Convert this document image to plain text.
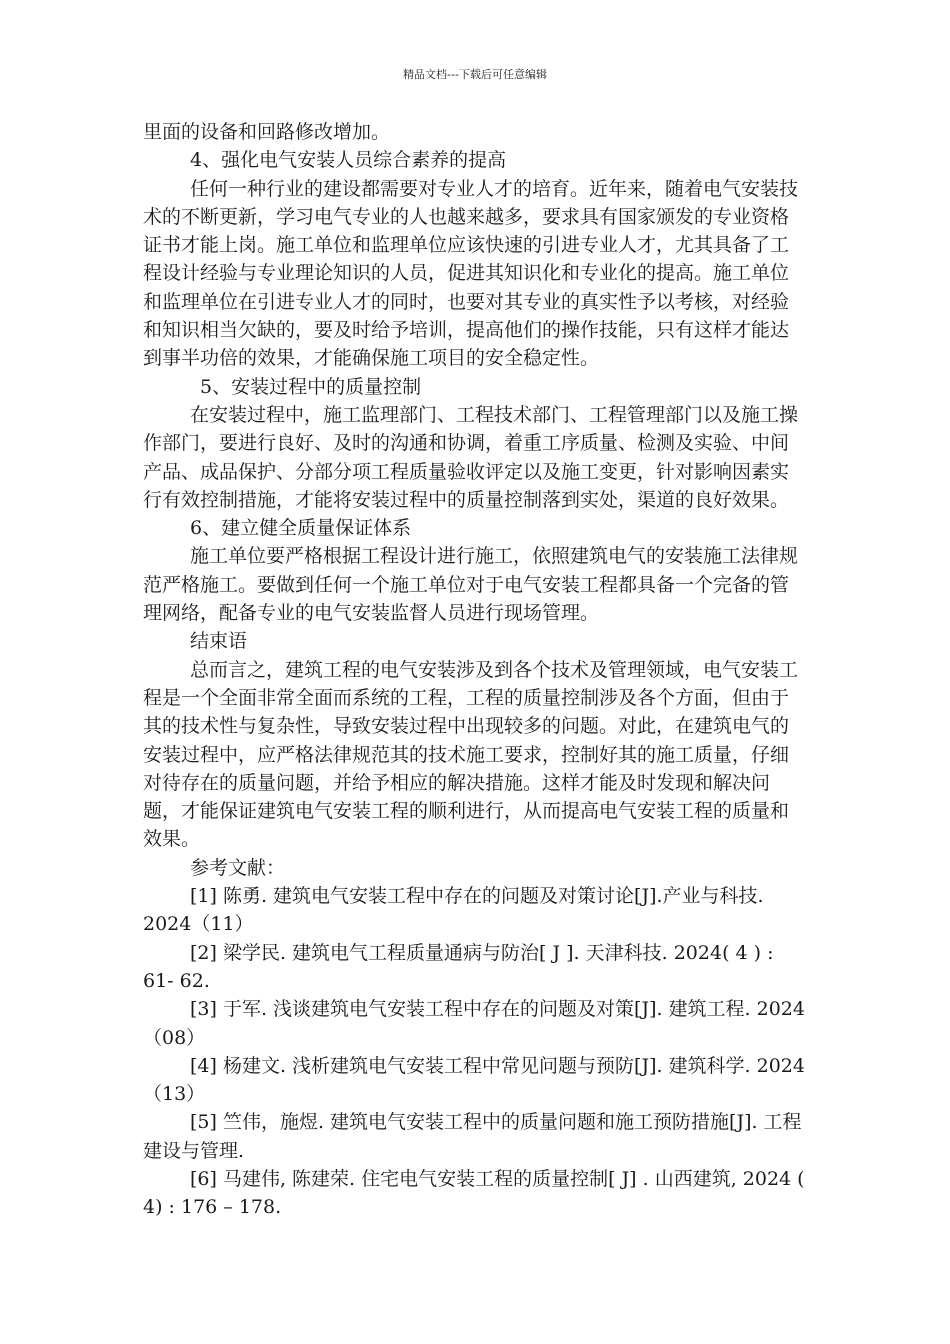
精品文档---下载后可任意编辑

里面的设备和回路修改增加。

4、强化电气安装人员综合素养的提高

任何一种行业的建设都需要对专业人才的培育。近年来，随着电气安装技术的不断更新，学习电气专业的人也越来越多，要求具有国家颁发的专业资格证书才能上岗。施工单位和监理单位应该快速的引进专业人才，尤其具备了工程设计经验与专业理论知识的人员，促进其知识化和专业化的提高。施工单位和监理单位在引进专业人才的同时，也要对其专业的真实性予以考核，对经验和知识相当欠缺的，要及时给予培训，提高他们的操作技能，只有这样才能达到事半功倍的效果，才能确保施工项目的安全稳定性。

5、安装过程中的质量控制

在安装过程中，施工监理部门、工程技术部门、工程管理部门以及施工操作部门，要进行良好、及时的沟通和协调，着重工序质量、检测及实验、中间产品、成品保护、分部分项工程质量验收评定以及施工变更，针对影响因素实行有效控制措施，才能将安装过程中的质量控制落到实处，渠道的良好效果。

6、建立健全质量保证体系

施工单位要严格根据工程设计进行施工，依照建筑电气的安装施工法律规范严格施工。要做到任何一个施工单位对于电气安装工程都具备一个完备的管理网络，配备专业的电气安装监督人员进行现场管理。

结束语

总而言之，建筑工程的电气安装涉及到各个技术及管理领域，电气安装工程是一个全面非常全面而系统的工程，工程的质量控制涉及各个方面，但由于其的技术性与复杂性，导致安装过程中出现较多的问题。对此，在建筑电气的安装过程中，应严格法律规范其的技术施工要求，控制好其的施工质量，仔细对待存在的质量问题，并给予相应的解决措施。这样才能及时发现和解决问题，才能保证建筑电气安装工程的顺利进行，从而提高电气安装工程的质量和效果。

参考文献：

[1] 陈勇. 建筑电气安装工程中存在的问题及对策讨论[J].产业与科技. 2024（11）

[2] 梁学民. 建筑电气工程质量通病与防治[ J ]. 天津科技. 2024( 4 ) : 61- 62.

[3] 于军. 浅谈建筑电气安装工程中存在的问题及对策[J]. 建筑工程. 2024（08）

[4] 杨建文. 浅析建筑电气安装工程中常见问题与预防[J]. 建筑科学. 2024（13）

[5] 竺伟，施煜. 建筑电气安装工程中的质量问题和施工预防措施[J]. 工程建设与管理.

[6] 马建伟, 陈建荣. 住宅电气安装工程的质量控制[ J] . 山西建筑, 2024 ( 4) : 176 – 178.
